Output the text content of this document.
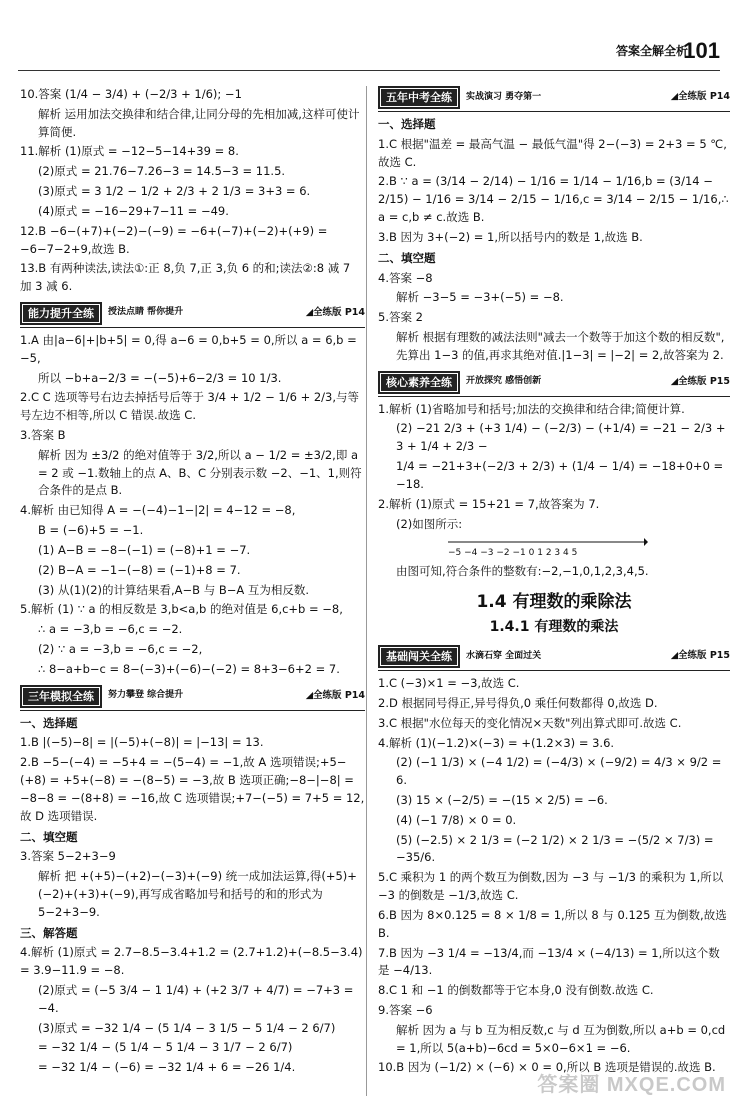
答案全解全析
101

10.答案 (1/4 − 3/4) + (−2/3 + 1/6); −1

解析 运用加法交换律和结合律,让同分母的先相加减,这样可使计算简便.

11.解析 (1)原式 = −12−5−14+39 = 8.

(2)原式 = 21.76−7.26−3 = 14.5−3 = 11.5.

(3)原式 = 3 1/2 − 1/2 + 2/3 + 2 1/3 = 3+3 = 6.

(4)原式 = −16−29+7−11 = −49.

12.B −6−(+7)+(−2)−(−9) = −6+(−7)+(−2)+(+9) = −6−7−2+9,故选 B.

13.B 有两种读法,读法①:正 8,负 7,正 3,负 6 的和;读法②:8 减 7 加 3 减 6.

能力提升全练	授法点睛 帮你提升	◢全练版 P14

1.A 由|a−6|+|b+5| = 0,得 a−6 = 0,b+5 = 0,所以 a = 6,b = −5,

所以 −b+a−2/3 = −(−5)+6−2/3 = 10 1/3.

2.C C 选项等号右边去掉括号后等于 3/4 + 1/2 − 1/6 + 2/3,与等号左边不相等,所以 C 错误.故选 C.

3.答案 B

解析 因为 ±3/2 的绝对值等于 3/2,所以 a − 1/2 = ±3/2,即 a = 2 或 −1.数轴上的点 A、B、C 分别表示数 −2、−1、1,则符合条件的是点 B.

4.解析 由已知得 A = −(−4)−1−|2| = 4−12 = −8,

B = (−6)+5 = −1.

(1) A−B = −8−(−1) = (−8)+1 = −7.

(2) B−A = −1−(−8) = (−1)+8 = 7.

(3) 从(1)(2)的计算结果看,A−B 与 B−A 互为相反数.

5.解析 (1) ∵ a 的相反数是 3,b<a,b 的绝对值是 6,c+b = −8,

∴ a = −3,b = −6,c = −2.

(2) ∵ a = −3,b = −6,c = −2,

∴ 8−a+b−c = 8−(−3)+(−6)−(−2) = 8+3−6+2 = 7.

三年模拟全练	努力攀登 综合提升	◢全练版 P14

一、选择题

1.B |(−5)−8| = |(−5)+(−8)| = |−13| = 13.

2.B −5−(−4) = −5+4 = −(5−4) = −1,故 A 选项错误;+5−(+8) = +5+(−8) = −(8−5) = −3,故 B 选项正确;−8−|−8| = −8−8 = −(8+8) = −16,故 C 选项错误;+7−(−5) = 7+5 = 12,故 D 选项错误.

二、填空题

3.答案 5−2+3−9

解析 把 +(+5)−(+2)−(−3)+(−9) 统一成加法运算,得(+5)+(−2)+(+3)+(−9),再写成省略加号和括号的和的形式为 5−2+3−9.

三、解答题

4.解析 (1)原式 = 2.7−8.5−3.4+1.2 = (2.7+1.2)+(−8.5−3.4) = 3.9−11.9 = −8.

(2)原式 = (−5 3/4 − 1 1/4) + (+2 3/7 + 4/7) = −7+3 = −4.

(3)原式 = −32 1/4 − (5 1/4 − 3 1/5 − 5 1/4 − 2 6/7)

= −32 1/4 − (5 1/4 − 5 1/4 − 3 1/7 − 2 6/7)

= −32 1/4 − (−6) = −32 1/4 + 6 = −26 1/4.

五年中考全练	实战演习 勇夺第一	◢全练版 P14

一、选择题

1.C 根据"温差 = 最高气温 − 最低气温"得 2−(−3) = 2+3 = 5 ℃,故选 C.

2.B ∵ a = (3/14 − 2/14) − 1/16 = 1/14 − 1/16,b = (3/14 − 2/15) − 1/16 = 3/14 − 2/15 − 1/16,c = 3/14 − 2/15 − 1/16,∴ a = c,b ≠ c.故选 B.

3.B 因为 3+(−2) = 1,所以括号内的数是 1,故选 B.

二、填空题

4.答案 −8

解析 −3−5 = −3+(−5) = −8.

5.答案 2

解析 根据有理数的减法法则"减去一个数等于加这个数的相反数",先算出 1−3 的值,再求其绝对值.|1−3| = |−2| = 2,故答案为 2.

核心素养全练	开放探究 感悟创新	◢全练版 P15

1.解析 (1)省略加号和括号;加法的交换律和结合律;简便计算.

(2) −21 2/3 + (+3 1/4) − (−2/3) − (+1/4) = −21 − 2/3 + 3 + 1/4 + 2/3 −

1/4 = −21+3+(−2/3 + 2/3) + (1/4 − 1/4) = −18+0+0 = −18.

2.解析 (1)原式 = 15+21 = 7,故答案为 7.

(2)如图所示:

−5 −4 −3 −2 −1 0 1 2 3 4 5

由图可知,符合条件的整数有:−2,−1,0,1,2,3,4,5.

1.4 有理数的乘除法
1.4.1 有理数的乘法
基础闯关全练	水滴石穿 全面过关	◢全练版 P15

1.C (−3)×1 = −3,故选 C.

2.D 根据同号得正,异号得负,0 乘任何数都得 0,故选 D.

3.C 根据"水位每天的变化情况×天数"列出算式即可.故选 C.

4.解析 (1)(−1.2)×(−3) = +(1.2×3) = 3.6.

(2) (−1 1/3) × (−4 1/2) = (−4/3) × (−9/2) = 4/3 × 9/2 = 6.

(3) 15 × (−2/5) = −(15 × 2/5) = −6.

(4) (−1 7/8) × 0 = 0.

(5) (−2.5) × 2 1/3 = (−2 1/2) × 2 1/3 = −(5/2 × 7/3) = −35/6.

5.C 乘积为 1 的两个数互为倒数,因为 −3 与 −1/3 的乘积为 1,所以 −3 的倒数是 −1/3,故选 C.

6.B 因为 8×0.125 = 8 × 1/8 = 1,所以 8 与 0.125 互为倒数,故选 B.

7.B 因为 −3 1/4 = −13/4,而 −13/4 × (−4/13) = 1,所以这个数是 −4/13.

8.C 1 和 −1 的倒数都等于它本身,0 没有倒数.故选 C.

9.答案 −6

解析 因为 a 与 b 互为相反数,c 与 d 互为倒数,所以 a+b = 0,cd = 1,所以 5(a+b)−6cd = 5×0−6×1 = −6.

10.B 因为 (−1/2) × (−6) × 0 = 0,所以 B 选项是错误的.故选 B.

答案圈 MXQE.COM
